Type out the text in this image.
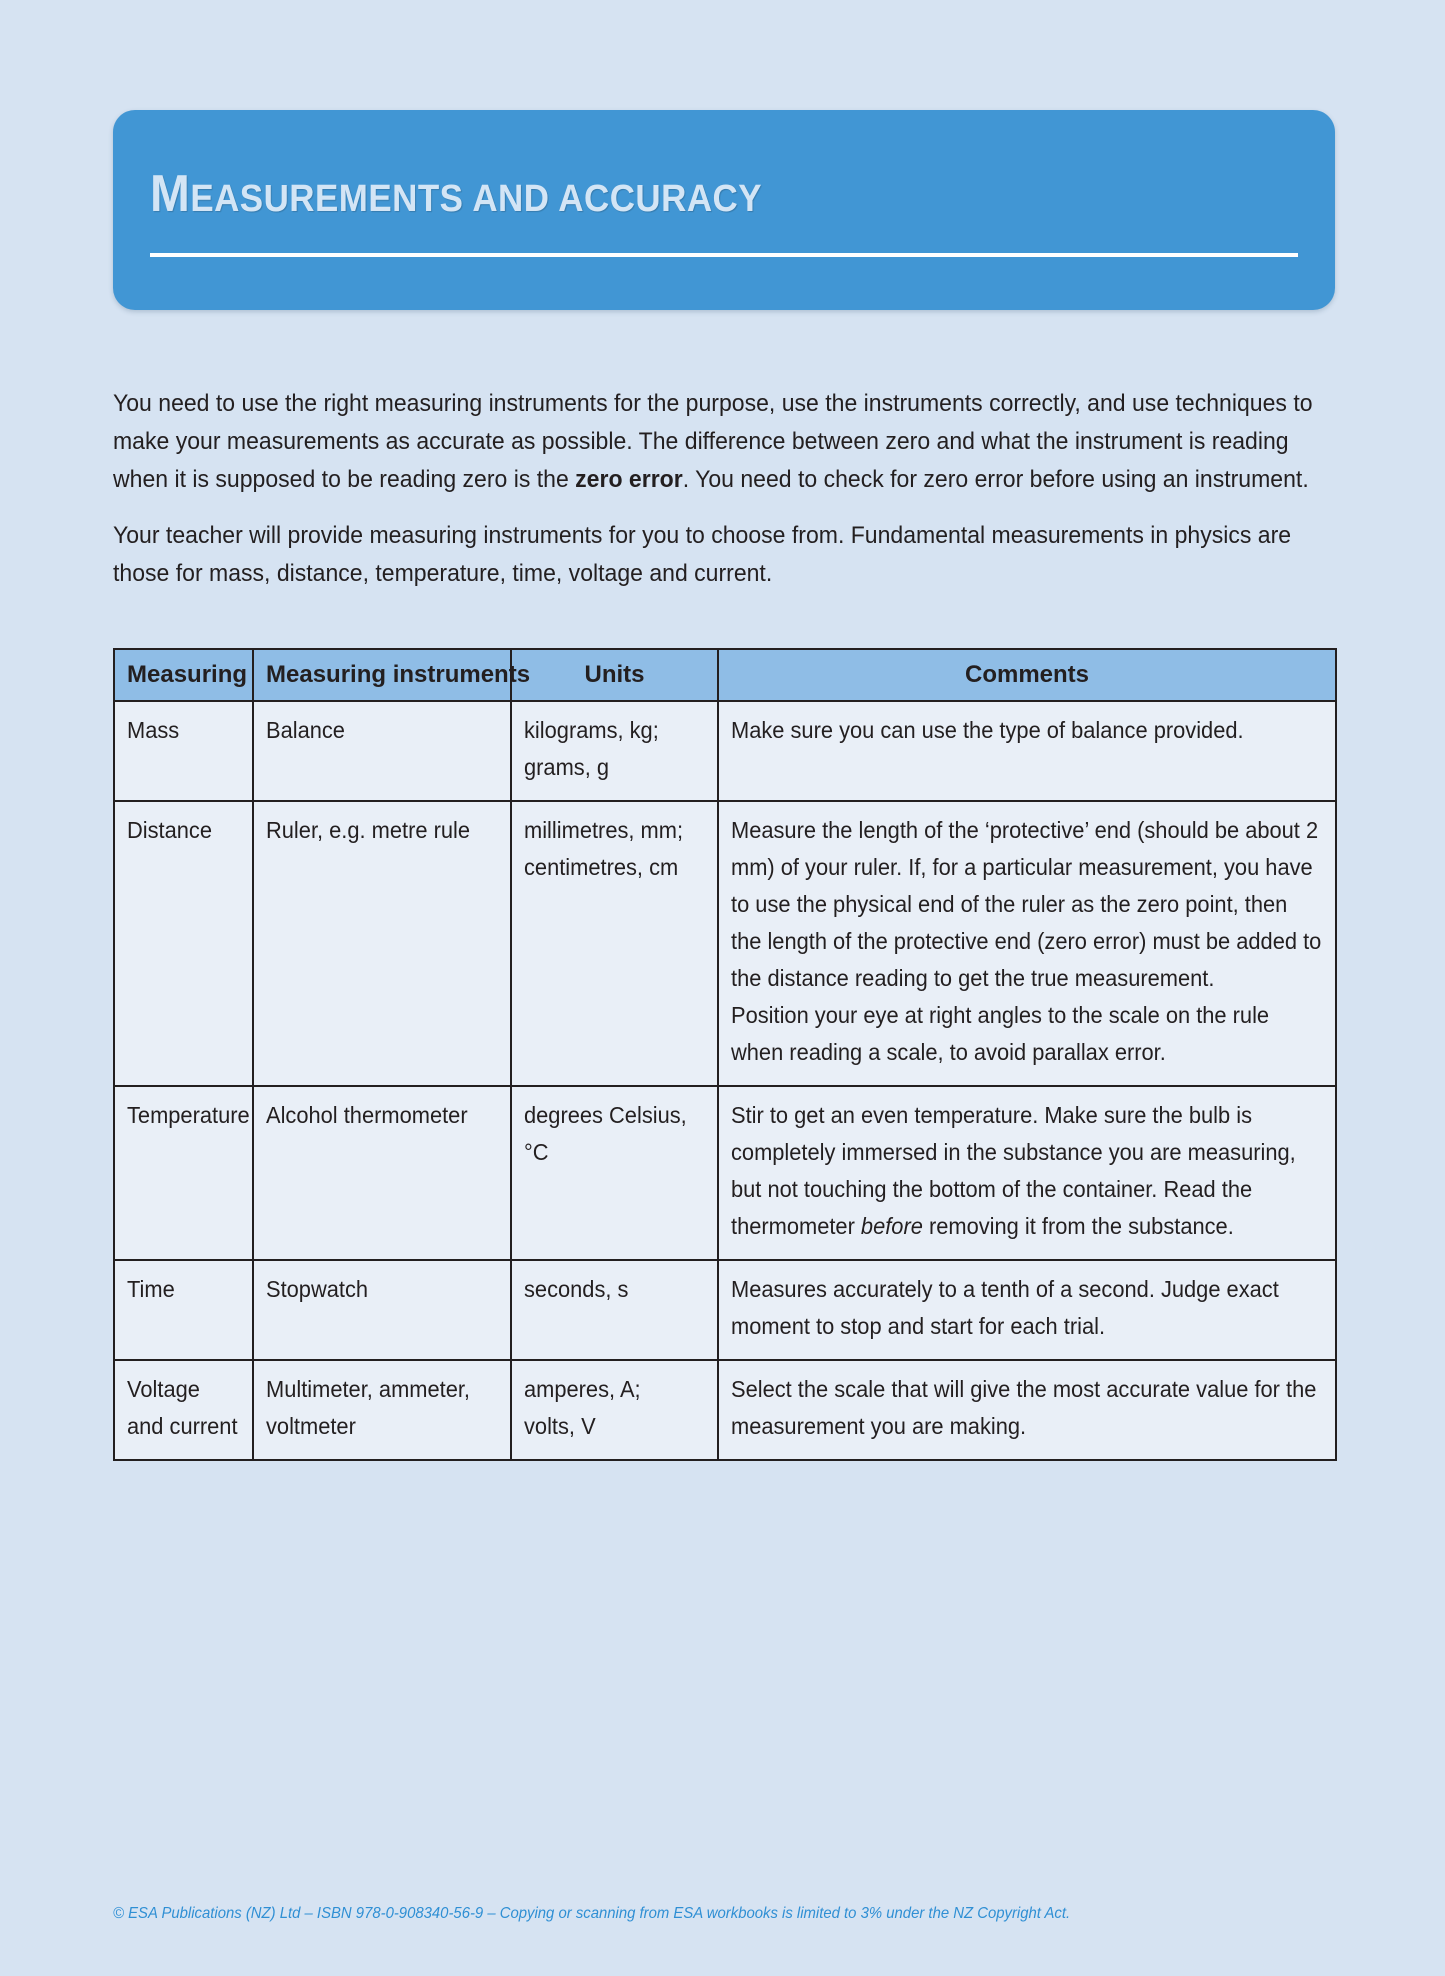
MEASUREMENTS AND ACCURACY

You need to use the right measuring instruments for the purpose, use the instruments correctly, and use techniques to make your measurements as accurate as possible. The difference between zero and what the instrument is reading when it is supposed to be reading zero is the zero error. You need to check for zero error before using an instrument.

Your teacher will provide measuring instruments for you to choose from. Fundamental measurements in physics are those for mass, distance, temperature, time, voltage and current.

Measuring	Measuring instruments	Units	Comments

Mass	Balance	kilograms, kg;
grams, g	Make sure you can use the type of balance provided.

Distance	Ruler, e.g. metre rule	millimetres, mm;
centimetres, cm	Measure the length of the ‘protective’ end (should be about 2 mm) of your ruler. If, for a particular measurement, you have to use the physical end of the ruler as the zero point, then the length of the protective end (zero error) must be added to the distance reading to get the true measurement.
Position your eye at right angles to the scale on the rule when reading a scale, to avoid parallax error.

Temperature	Alcohol thermometer	degrees Celsius, °C	Stir to get an even temperature. Make sure the bulb is completely immersed in the substance you are measuring, but not touching the bottom of the container. Read the thermometer before removing it from the substance.

Time	Stopwatch	seconds, s	Measures accurately to a tenth of a second. Judge exact moment to stop and start for each trial.

Voltage and current	Multimeter, ammeter, voltmeter	amperes, A;
volts, V	Select the scale that will give the most accurate value for the measurement you are making.
© ESA Publications (NZ) Ltd – ISBN 978-0-908340-56-9 – Copying or scanning from ESA workbooks is limited to 3% under the NZ Copyright Act.
